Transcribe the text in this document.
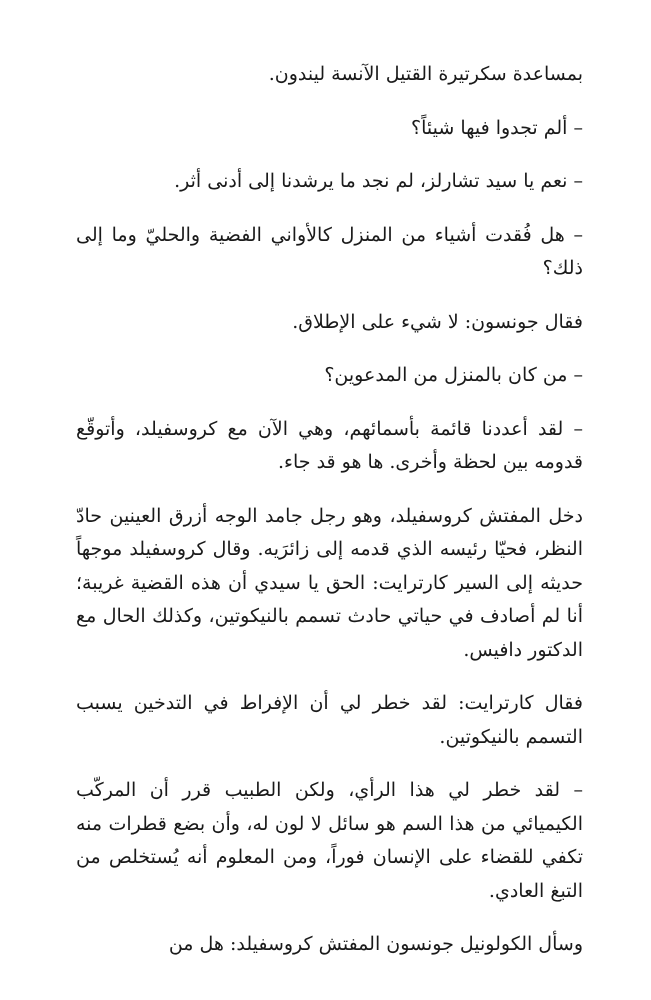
بمساعدة سكرتيرة القتيل الآنسة ليندون.

– ألم تجدوا فيها شيئاً؟

– نعم يا سيد تشارلز، لم نجد ما يرشدنا إلى أدنى أثر.

– هل فُقدت أشياء من المنزل كالأواني الفضية والحليّ وما إلى ذلك؟

فقال جونسون: لا شيء على الإطلاق.

– من كان بالمنزل من المدعوين؟

– لقد أعددنا قائمة بأسمائهم، وهي الآن مع كروسفيلد، وأتوقّع قدومه بين لحظة وأخرى. ها هو قد جاء.

دخل المفتش كروسفيلد، وهو رجل جامد الوجه أزرق العينين حادّ النظر، فحيّا رئيسه الذي قدمه إلى زائرَيه. وقال كروسفيلد موجهاً حديثه إلى السير كارترايت: الحق يا سيدي أن هذه القضية غريبة؛ أنا لم أصادف في حياتي حادث تسمم بالنيكوتين، وكذلك الحال مع الدكتور دافيس.

فقال كارترايت: لقد خطر لي أن الإفراط في التدخين يسبب التسمم بالنيكوتين.

– لقد خطر لي هذا الرأي، ولكن الطبيب قرر أن المركّب الكيميائي من هذا السم هو سائل لا لون له، وأن بضع قطرات منه تكفي للقضاء على الإنسان فوراً، ومن المعلوم أنه يُستخلص من التبغ العادي.

وسأل الكولونيل جونسون المفتش كروسفيلد: هل من
